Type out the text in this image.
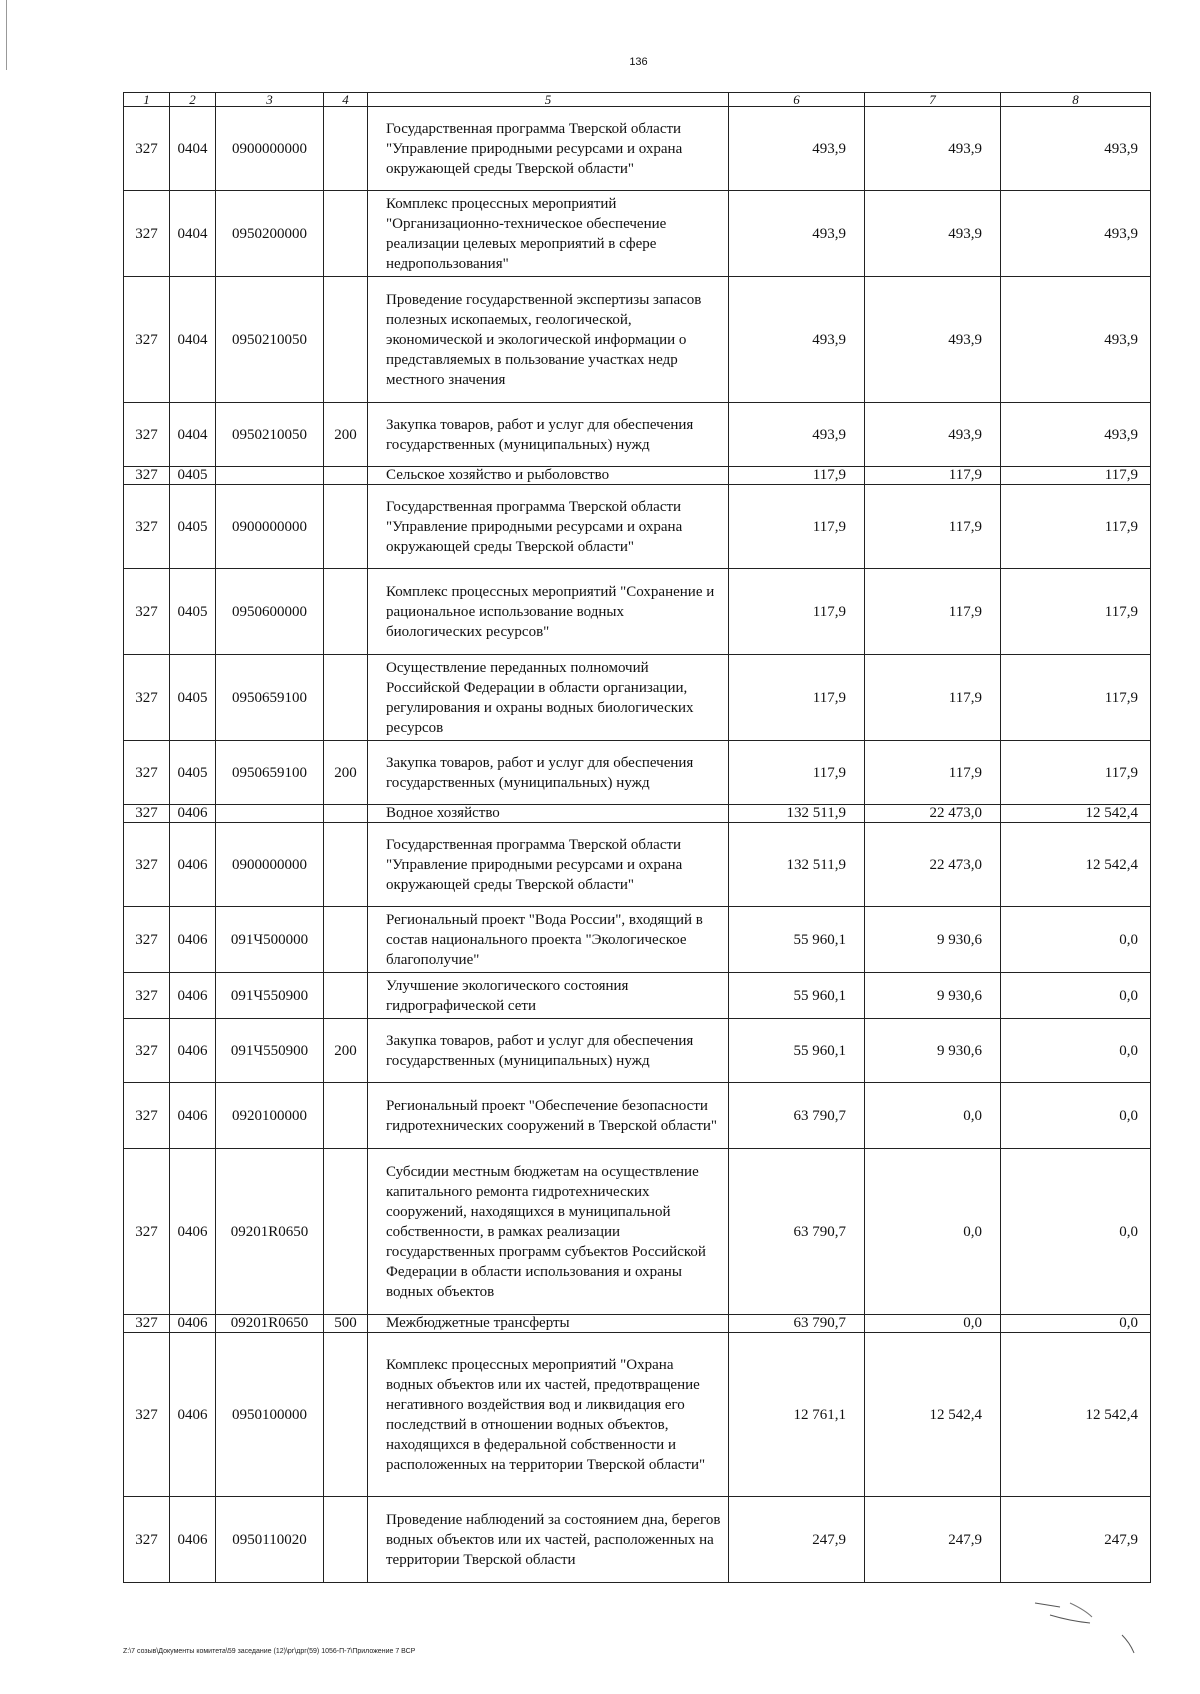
136
1	2	3	4	5	6	7	8
327	0404	0900000000		Государственная программа Тверской области "Управление природными ресурсами и охрана окружающей среды Тверской области"	493,9	493,9	493,9
327	0404	0950200000		Комплекс процессных мероприятий "Организационно-техническое обеспечение реализации целевых мероприятий в сфере недропользования"	493,9	493,9	493,9
327	0404	0950210050		Проведение государственной экспертизы запасов полезных ископаемых, геологической, экономической и экологической информации о представляемых в пользование участках недр местного значения	493,9	493,9	493,9
327	0404	0950210050	200	Закупка товаров, работ и услуг для обеспечения государственных (муниципальных) нужд	493,9	493,9	493,9
327	0405			Сельское хозяйство и рыболовство	117,9	117,9	117,9
327	0405	0900000000		Государственная программа Тверской области "Управление природными ресурсами и охрана окружающей среды Тверской области"	117,9	117,9	117,9
327	0405	0950600000		Комплекс процессных мероприятий "Сохранение и рациональное использование водных биологических ресурсов"	117,9	117,9	117,9
327	0405	0950659100		Осуществление переданных полномочий Российской Федерации в области организации, регулирования и охраны водных биологических ресурсов	117,9	117,9	117,9
327	0405	0950659100	200	Закупка товаров, работ и услуг для обеспечения государственных (муниципальных) нужд	117,9	117,9	117,9
327	0406			Водное хозяйство	132 511,9	22 473,0	12 542,4
327	0406	0900000000		Государственная программа Тверской области "Управление природными ресурсами и охрана окружающей среды Тверской области"	132 511,9	22 473,0	12 542,4
327	0406	091Ч500000		Региональный проект "Вода России", входящий в состав национального проекта "Экологическое благополучие"	55 960,1	9 930,6	0,0
327	0406	091Ч550900		Улучшение экологического состояния гидрографической сети	55 960,1	9 930,6	0,0
327	0406	091Ч550900	200	Закупка товаров, работ и услуг для обеспечения государственных (муниципальных) нужд	55 960,1	9 930,6	0,0
327	0406	0920100000		Региональный проект "Обеспечение безопасности гидротехнических сооружений в Тверской области"	63 790,7	0,0	0,0
327	0406	09201R0650		Субсидии местным бюджетам на осуществление капитального ремонта гидротехнических сооружений, находящихся в муниципальной собственности, в рамках реализации государственных программ субъектов Российской Федерации в области использования и охраны водных объектов	63 790,7	0,0	0,0
327	0406	09201R0650	500	Межбюджетные трансферты	63 790,7	0,0	0,0
327	0406	0950100000		Комплекс процессных мероприятий "Охрана водных объектов или их частей, предотвращение негативного воздействия вод и ликвидация его последствий в отношении водных объектов, находящихся в федеральной собственности и расположенных на территории Тверской области"	12 761,1	12 542,4	12 542,4
327	0406	0950110020		Проведение наблюдений за состоянием дна, берегов водных объектов или их частей, расположенных на территории Тверской области	247,9	247,9	247,9
Z:\7 созыв\Документы комитета\59 заседание (12)\рг\дрг(59) 1056-П-7\Приложение 7 ВСР
